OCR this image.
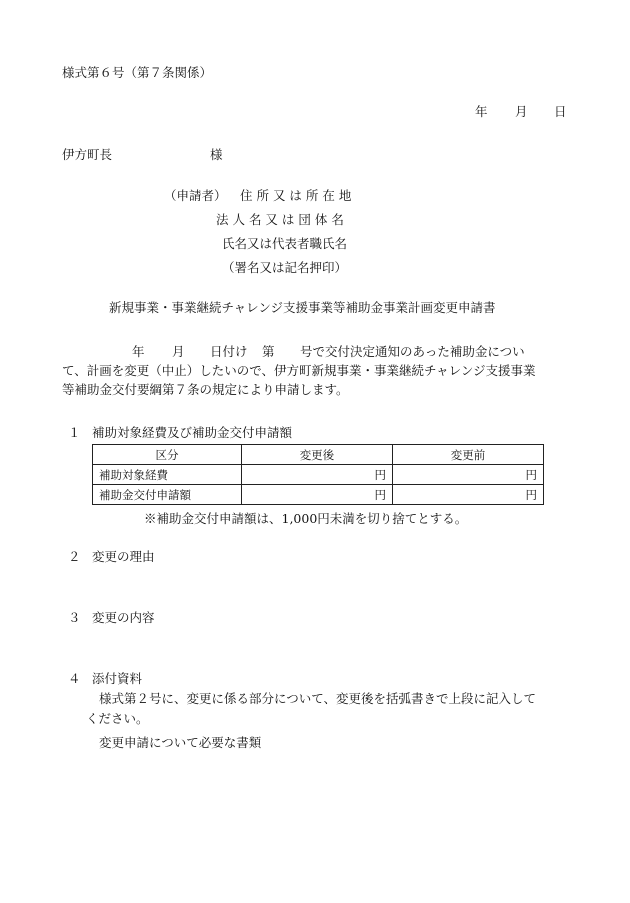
様式第６号（第７条関係）
年 月 日
伊方町長	様
（申請者） 住 所 又 は 所 在 地
法 人 名 又 は 団 体 名
氏名又は代表者職氏名
（署名又は記名押印）
新規事業・事業継続チャレンジ支援事業等補助金事業計画変更申請書
年 月 日付け 第 号で交付決定通知のあった補助金につい
て、計画を変更（中止）したいので、伊方町新規事業・事業継続チャレンジ支援事業
等補助金交付要綱第７条の規定により申請します。
１ 補助対象経費及び補助金交付申請額
区分	変更後	変更前
補助対象経費	円	円
補助金交付申請額	円	円
※補助金交付申請額は、1,000円未満を切り捨てとする。
２ 変更の理由
３ 変更の内容
４ 添付資料
様式第２号に、変更に係る部分について、変更後を括弧書きで上段に記入して
ください。
変更申請について必要な書類
